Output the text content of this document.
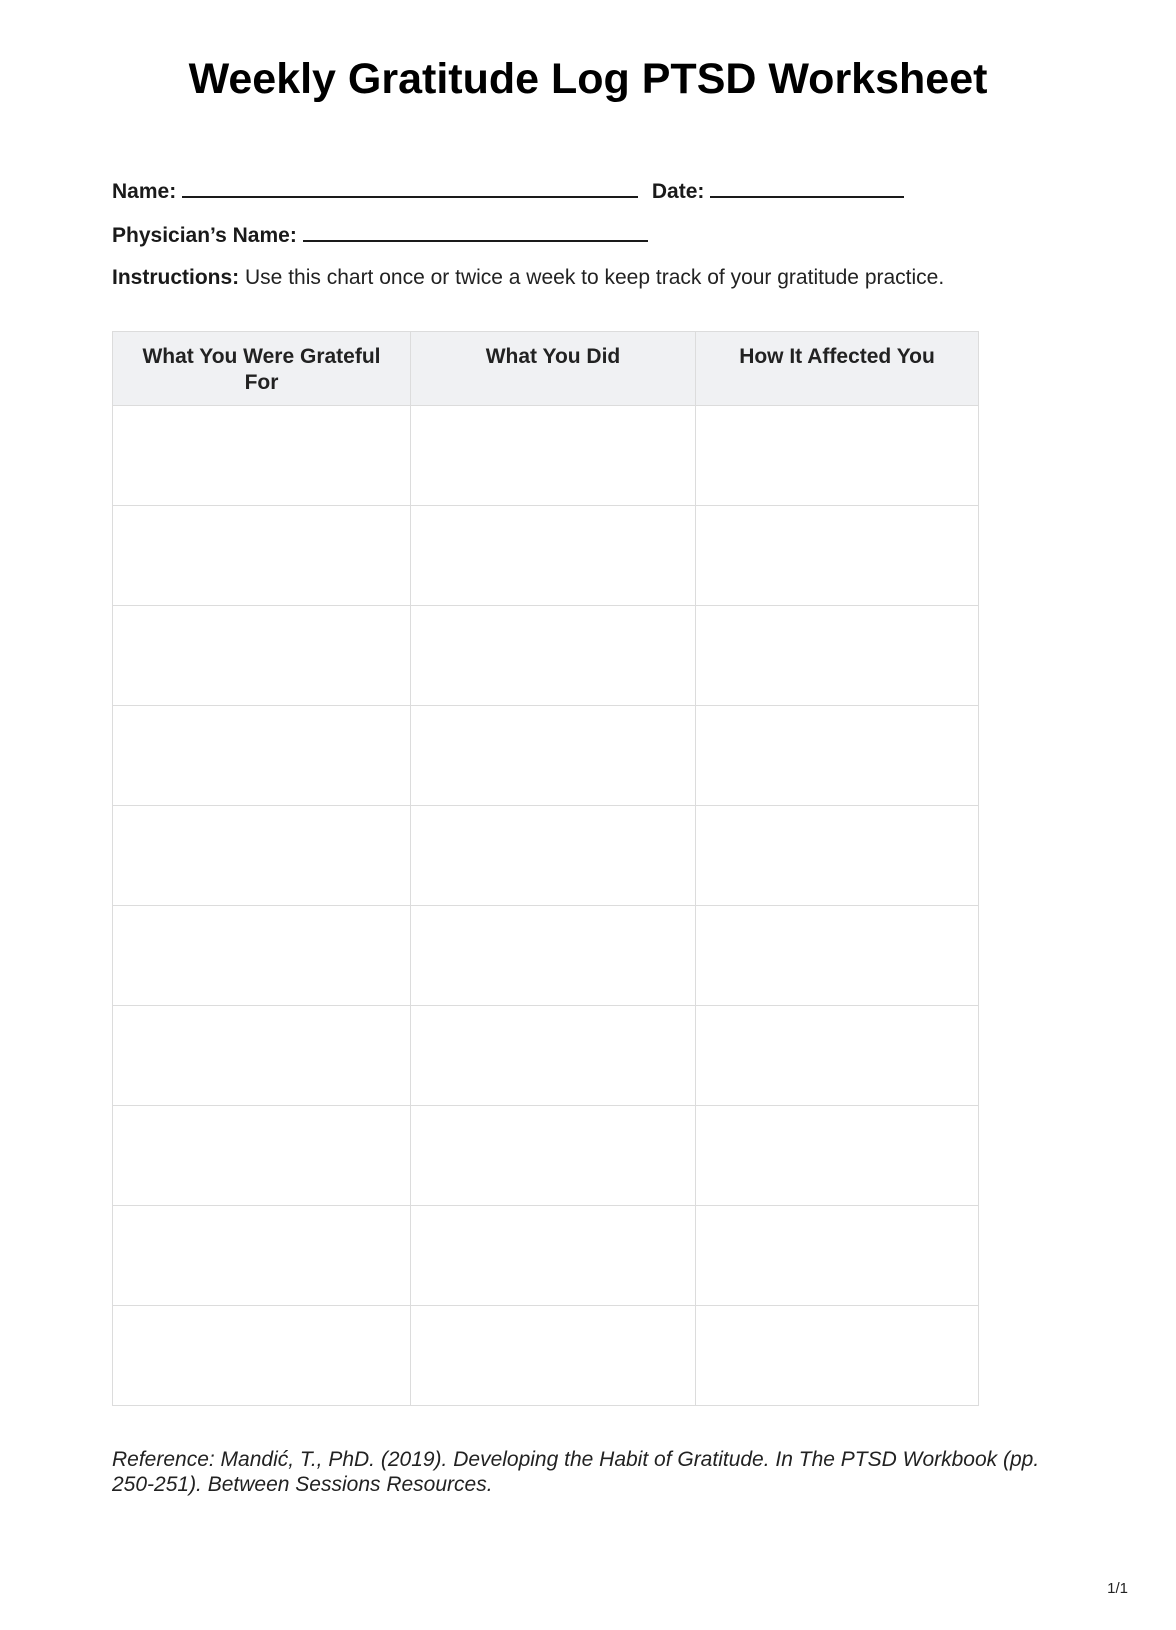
Weekly Gratitude Log PTSD Worksheet
Name:	Date:
Physician’s Name:
Instructions: Use this chart once or twice a week to keep track of your gratitude practice.
What You Were Grateful For	What You Did	How It Affected You

Reference: Mandić, T., PhD. (2019). Developing the Habit of Gratitude. In The PTSD Workbook (pp. 250-251). Between Sessions Resources.
1/1
